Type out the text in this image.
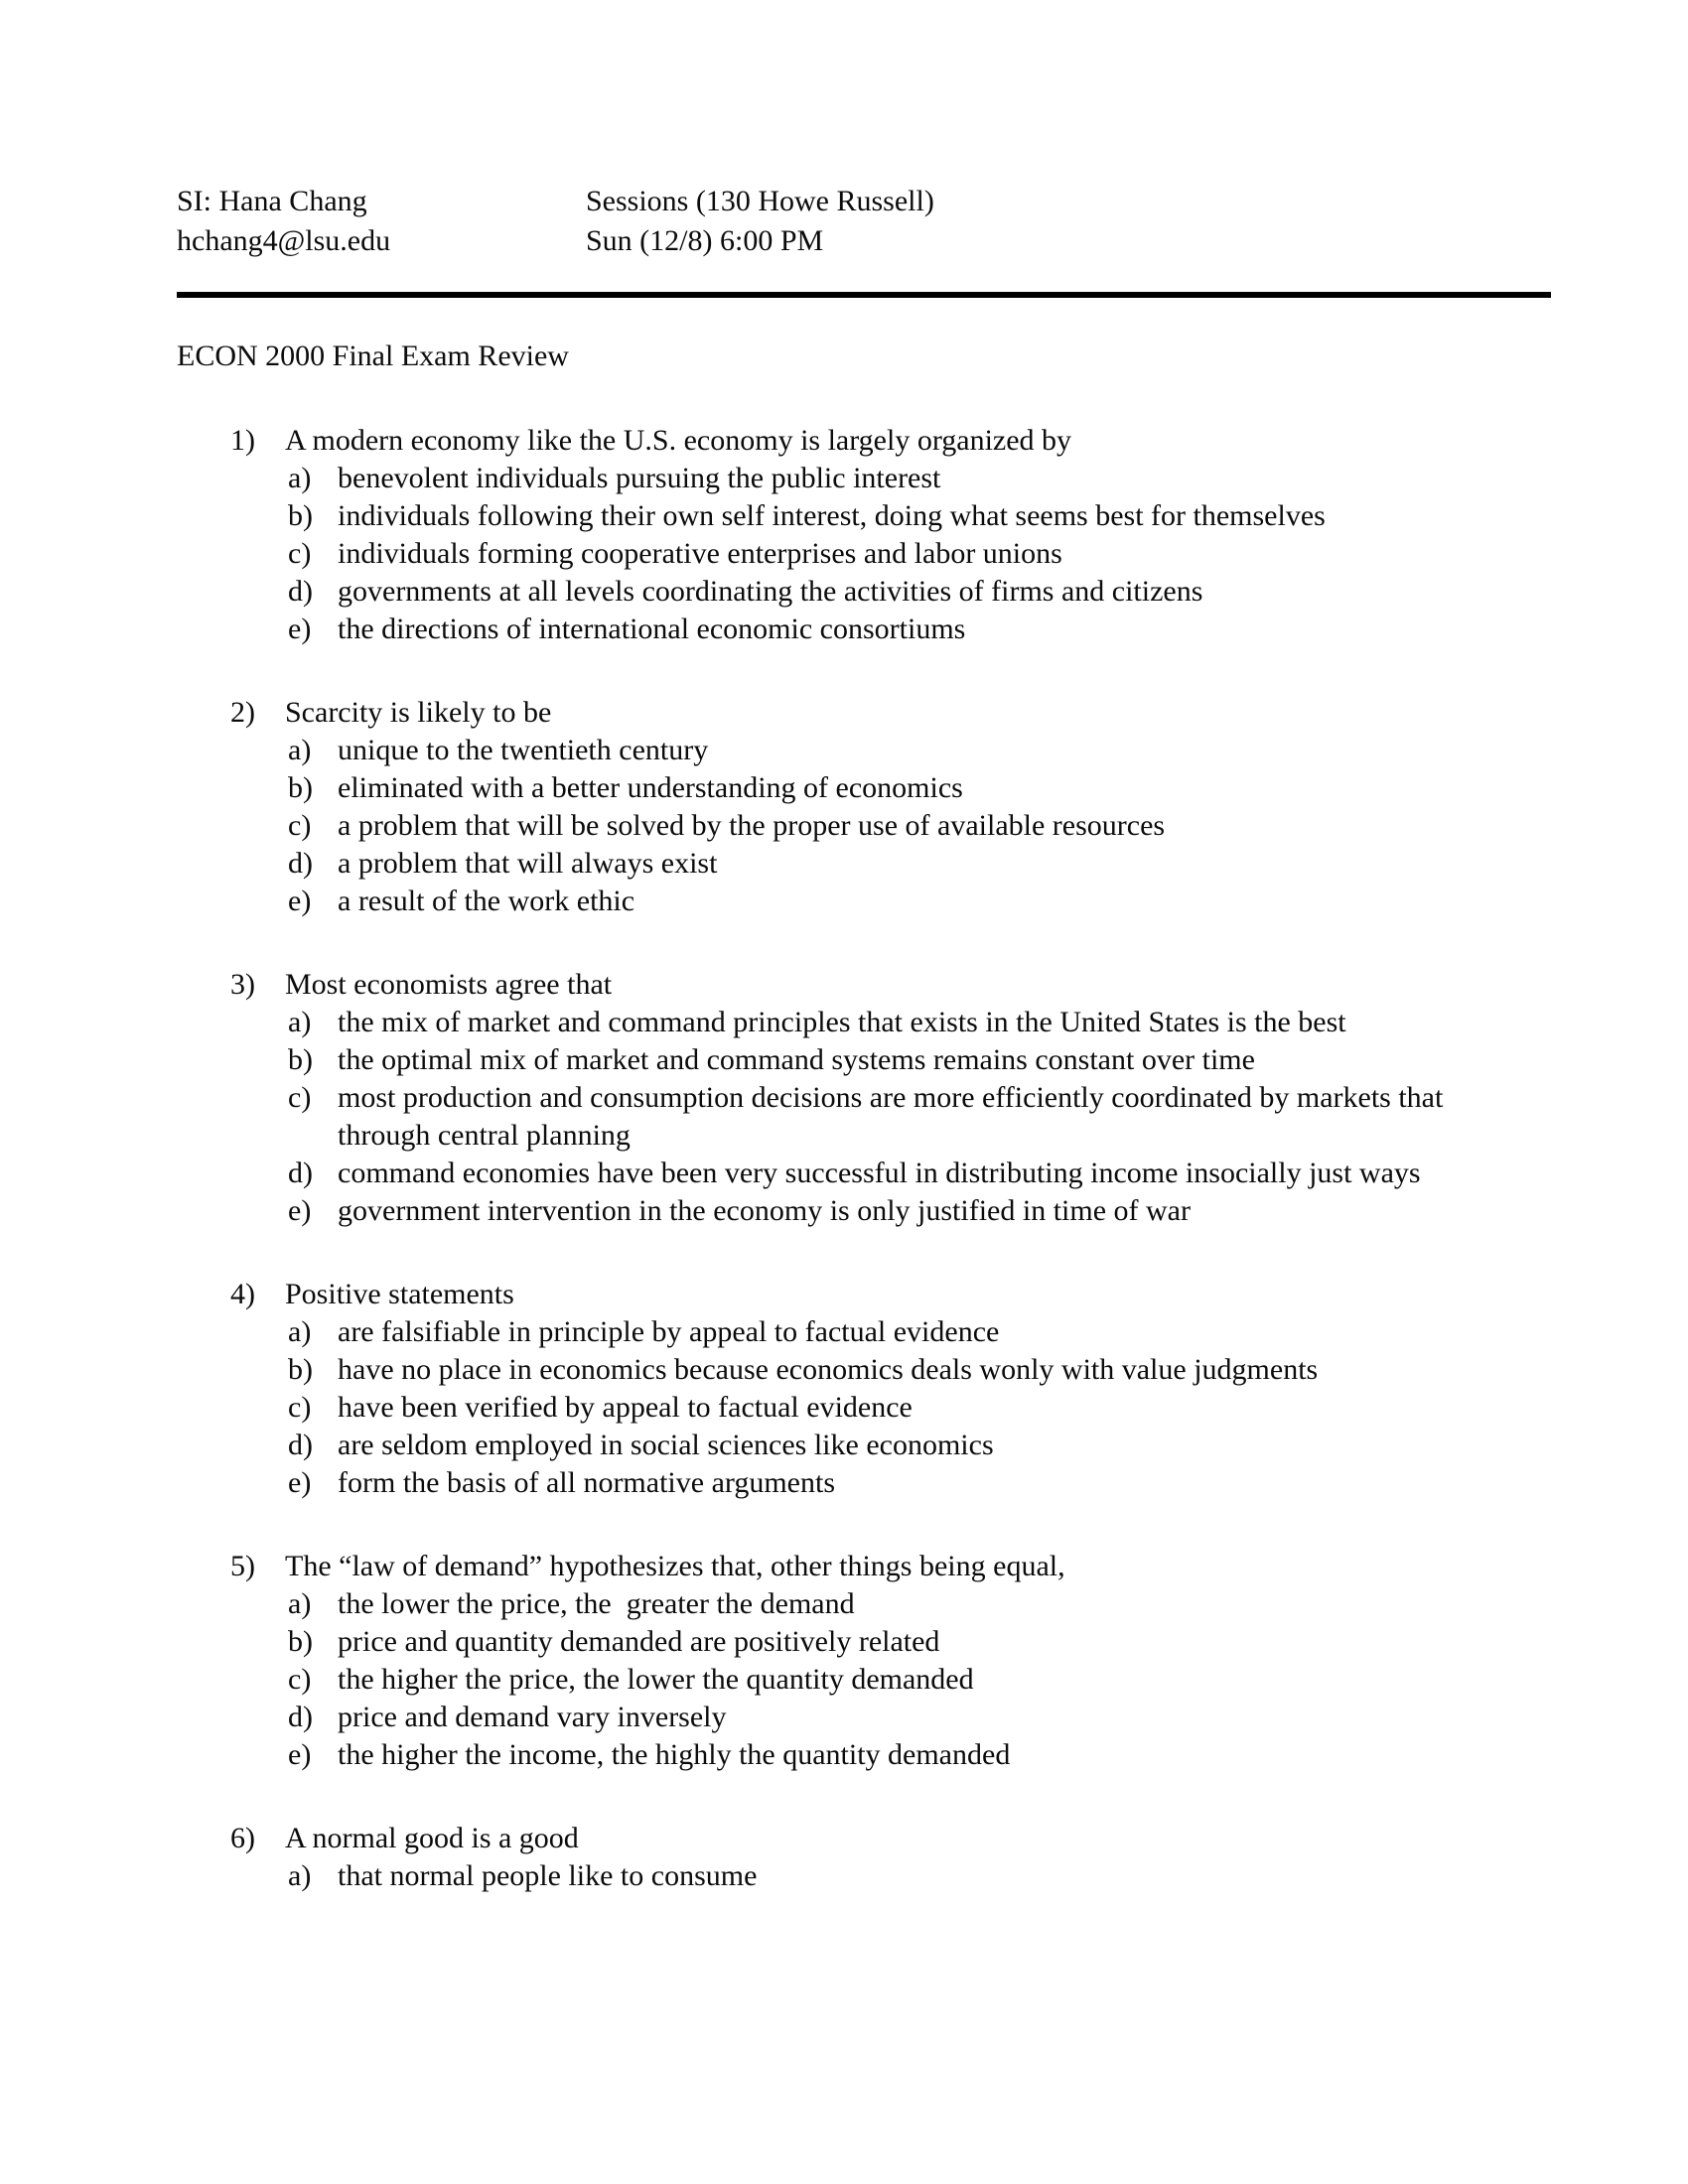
SI: Hana Chang
hchang4@lsu.edu
Sessions (130 Howe Russell)
Sun (12/8) 6:00 PM
ECON 2000 Final Exam Review
1)	A modern economy like the U.S. economy is largely organized by
a) benevolent individuals pursuing the public interest
b) individuals following their own self interest, doing what seems best for themselves
c) individuals forming cooperative enterprises and labor unions
d) governments at all levels coordinating the activities of firms and citizens
e) the directions of international economic consortiums
2)	Scarcity is likely to be
a) unique to the twentieth century
b) eliminated with a better understanding of economics
c) a problem that will be solved by the proper use of available resources
d) a problem that will always exist
e) a result of the work ethic
3)	Most economists agree that
a) the mix of market and command principles that exists in the United States is the best
b) the optimal mix of market and command systems remains constant over time
c) most production and consumption decisions are more efficiently coordinated by markets that through central planning
d) command economies have been very successful in distributing income insocially just ways
e) government intervention in the economy is only justified in time of war
4)	Positive statements
a) are falsifiable in principle by appeal to factual evidence
b) have no place in economics because economics deals wonly with value judgments
c) have been verified by appeal to factual evidence
d) are seldom employed in social sciences like economics
e) form the basis of all normative arguments
5)	The “law of demand” hypothesizes that, other things being equal,
a) the lower the price, the  greater the demand
b) price and quantity demanded are positively related
c) the higher the price, the lower the quantity demanded
d) price and demand vary inversely
e) the higher the income, the highly the quantity demanded
6)	A normal good is a good
a) that normal people like to consume
